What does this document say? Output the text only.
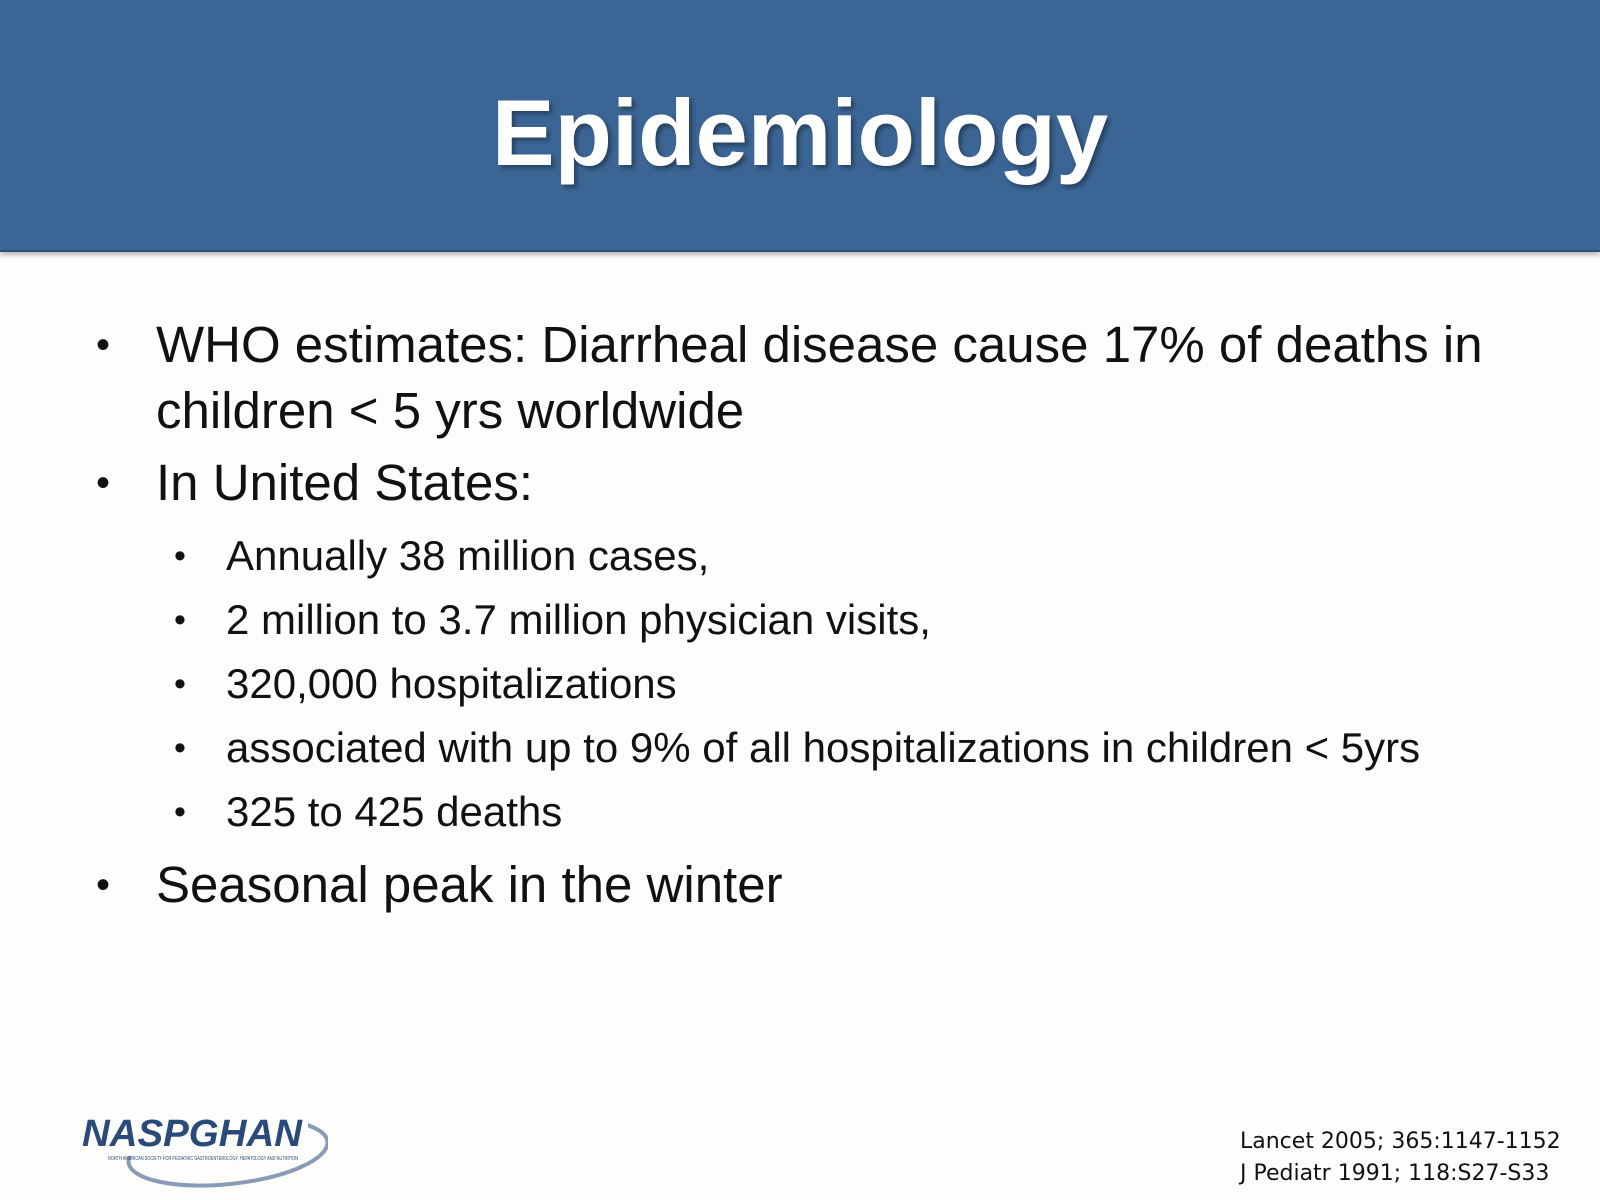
Epidemiology
• WHO estimates: Diarrheal disease cause 17% of deaths in children < 5 yrs worldwide
• In United States:
• Annually 38 million cases,
• 2 million to 3.7 million physician visits,
• 320,000 hospitalizations
• associated with up to 9% of all hospitalizations in children < 5yrs
• 325 to 425 deaths
• Seasonal peak in the winter
NASPGHAN
NORTH AMERICAN SOCIETY FOR PEDIATRIC GASTROENTEROLOGY, HEPATOLOGY AND NUTRITION
Lancet 2005; 365:1147-1152
J Pediatr 1991; 118:S27-S33
